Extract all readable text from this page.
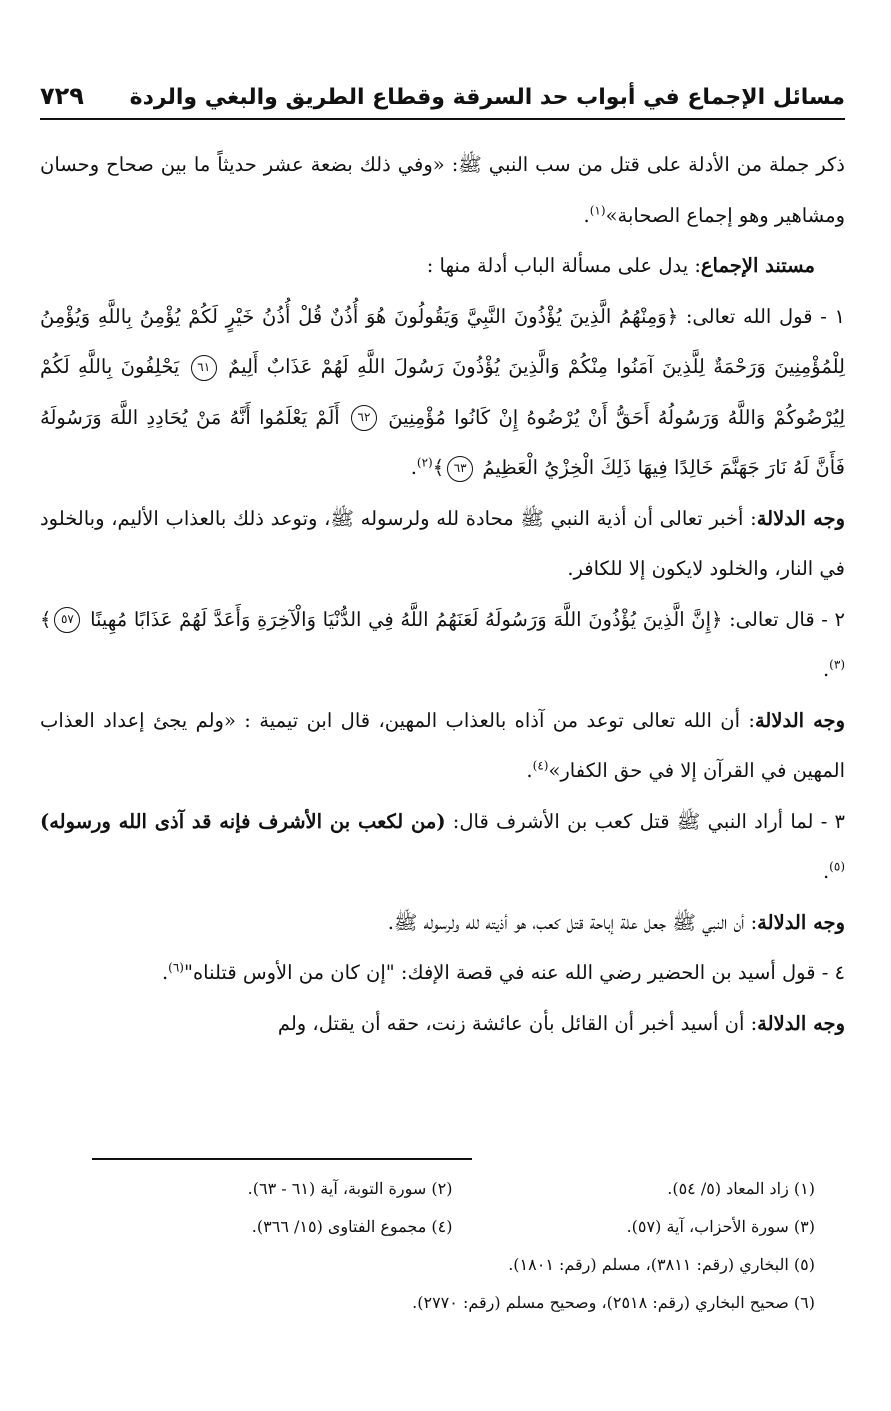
مسائل الإجماع في أبواب حد السرقة وقطاع الطريق والبغي والردة
٧٢٩

ذكر جملة من الأدلة على قتل من سب النبي ﷺ: «وفي ذلك بضعة عشر حديثاً ما بين صحاح وحسان ومشاهير وهو إجماع الصحابة»$^{(١)}$.

مستند الإجماع: يدل على مسألة الباب أدلة منها :

١ - قول الله تعالى: ﴿وَمِنْهُمُ الَّذِينَ يُؤْذُونَ النَّبِيَّ وَيَقُولُونَ هُوَ أُذُنٌ قُلْ أُذُنُ خَيْرٍ لَكُمْ يُؤْمِنُ بِاللَّهِ وَيُؤْمِنُ لِلْمُؤْمِنِينَ وَرَحْمَةٌ لِلَّذِينَ آمَنُوا مِنْكُمْ وَالَّذِينَ يُؤْذُونَ رَسُولَ اللَّهِ لَهُمْ عَذَابٌ أَلِيمٌ ٦١ يَحْلِفُونَ بِاللَّهِ لَكُمْ لِيُرْضُوكُمْ وَاللَّهُ وَرَسُولُهُ أَحَقُّ أَنْ يُرْضُوهُ إِنْ كَانُوا مُؤْمِنِينَ ٦٢ أَلَمْ يَعْلَمُوا أَنَّهُ مَنْ يُحَادِدِ اللَّهَ وَرَسُولَهُ فَأَنَّ لَهُ نَارَ جَهَنَّمَ خَالِدًا فِيهَا ذَلِكَ الْخِزْيُ الْعَظِيمُ ٦٣﴾$^{(٢)}$.

وجه الدلالة: أخبر تعالى أن أذية النبي ﷺ محادة لله ولرسوله ﷺ، وتوعد ذلك بالعذاب الأليم، وبالخلود في النار، والخلود لايكون إلا للكافر.

٢ - قال تعالى: ﴿إِنَّ الَّذِينَ يُؤْذُونَ اللَّهَ وَرَسُولَهُ لَعَنَهُمُ اللَّهُ فِي الدُّنْيَا وَالْآخِرَةِ وَأَعَدَّ لَهُمْ عَذَابًا مُهِينًا ٥٧﴾$^{(٣)}$.

وجه الدلالة: أن الله تعالى توعد من آذاه بالعذاب المهين، قال ابن تيمية : «ولم يجئ إعداد العذاب المهين في القرآن إلا في حق الكفار»$^{(٤)}$.

٣ - لما أراد النبي ﷺ قتل كعب بن الأشرف قال: (من لكعب بن الأشرف فإنه قد آذى الله ورسوله)$^{(٥)}$.

وجه الدلالة: أن النبي ﷺ جعل علة إباحة قتل كعب، هو أذيته لله ولرسوله ﷺ.

٤ - قول أسيد بن الحضير رضي الله عنه في قصة الإفك: "إن كان من الأوس قتلناه"$^{(٦)}$.

وجه الدلالة: أن أسيد أخبر أن القائل بأن عائشة زنت، حقه أن يقتل، ولم

(١) زاد المعاد (٥/ ٥٤).
(٢) سورة التوبة، آية (٦١ - ٦٣).
(٣) سورة الأحزاب، آية (٥٧).
(٤) مجموع الفتاوى (١٥/ ٣٦٦).
(٥) البخاري (رقم: ٣٨١١)، مسلم (رقم: ١٨٠١).
(٦) صحيح البخاري (رقم: ٢٥١٨)، وصحيح مسلم (رقم: ٢٧٧٠).
